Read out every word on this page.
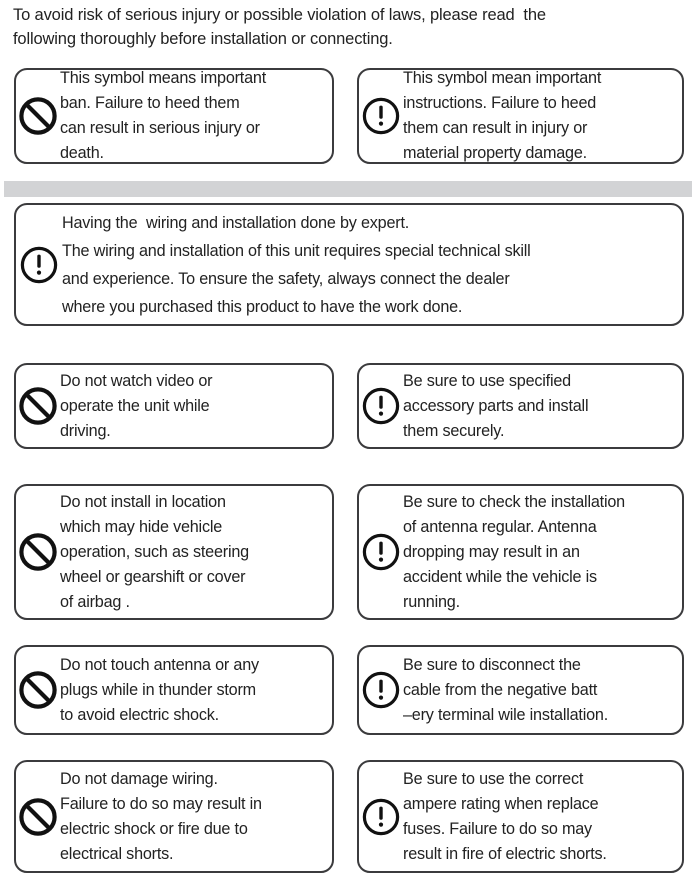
To avoid risk of serious injury or possible violation of laws, please read  the
following thoroughly before installation or connecting.
This symbol means important
ban. Failure to heed them
can result in serious injury or
death.
This symbol mean important
instructions. Failure to heed
them can result in injury or
material property damage.
Having the  wiring and installation done by expert.
The wiring and installation of this unit requires special technical skill
and experience. To ensure the safety, always connect the dealer
where you purchased this product to have the work done.
Do not watch video or
operate the unit while
driving.
Be sure to use specified
accessory parts and install
them securely.
Do not install in location
which may hide vehicle
operation, such as steering
wheel or gearshift or cover
of airbag .
Be sure to check the installation
of antenna regular. Antenna
dropping may result in an
accident while the vehicle is
running.
Do not touch antenna or any
plugs while in thunder storm
to avoid electric shock.
Be sure to disconnect the
cable from the negative batt
–ery terminal wile installation.
Do not damage wiring.
Failure to do so may result in
electric shock or fire due to
electrical shorts.
Be sure to use the correct
ampere rating when replace
fuses. Failure to do so may
result in fire of electric shorts.
